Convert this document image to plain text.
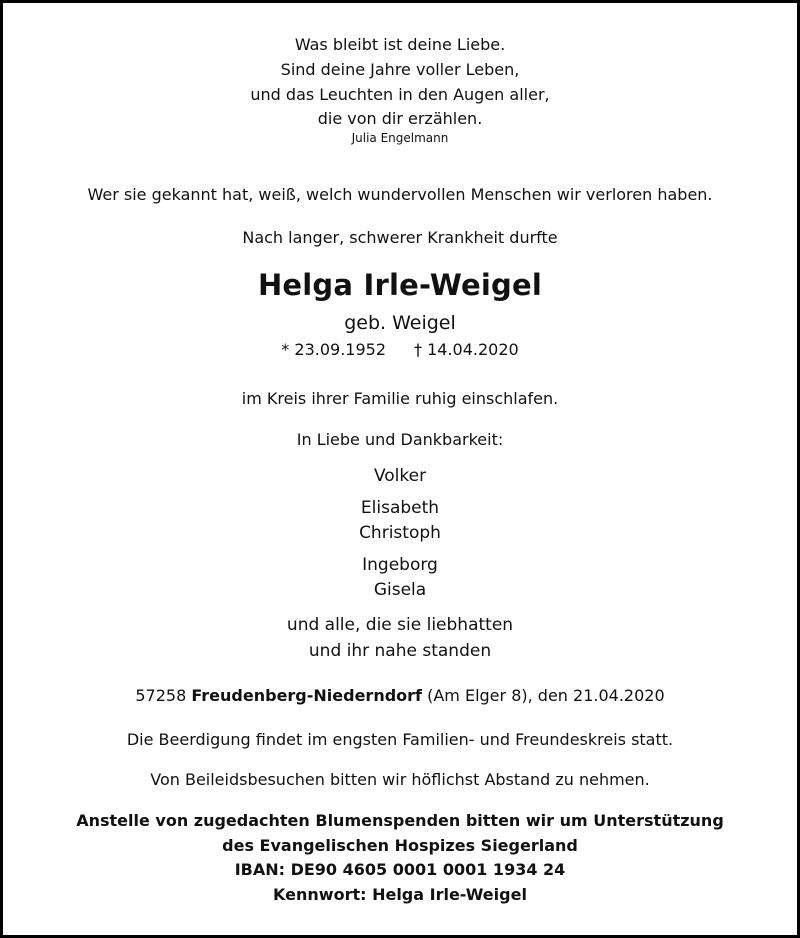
Was bleibt ist deine Liebe.
Sind deine Jahre voller Leben,
und das Leuchten in den Augen aller,
die von dir erzählen.
Julia Engelmann
Wer sie gekannt hat, weiß, welch wundervollen Menschen wir verloren haben.
Nach langer, schwerer Krankheit durfte
Helga Irle-Weigel
geb. Weigel
* 23.09.1952 † 14.04.2020
im Kreis ihrer Familie ruhig einschlafen.
In Liebe und Dankbarkeit:
Volker
Elisabeth
Christoph
Ingeborg
Gisela
und alle, die sie liebhatten
und ihr nahe standen
57258 Freudenberg-Niederndorf (Am Elger 8), den 21.04.2020
Die Beerdigung findet im engsten Familien- und Freundeskreis statt.
Von Beileidsbesuchen bitten wir höflichst Abstand zu nehmen.
Anstelle von zugedachten Blumenspenden bitten wir um Unterstützung
des Evangelischen Hospizes Siegerland
IBAN: DE90 4605 0001 0001 1934 24
Kennwort: Helga Irle-Weigel
